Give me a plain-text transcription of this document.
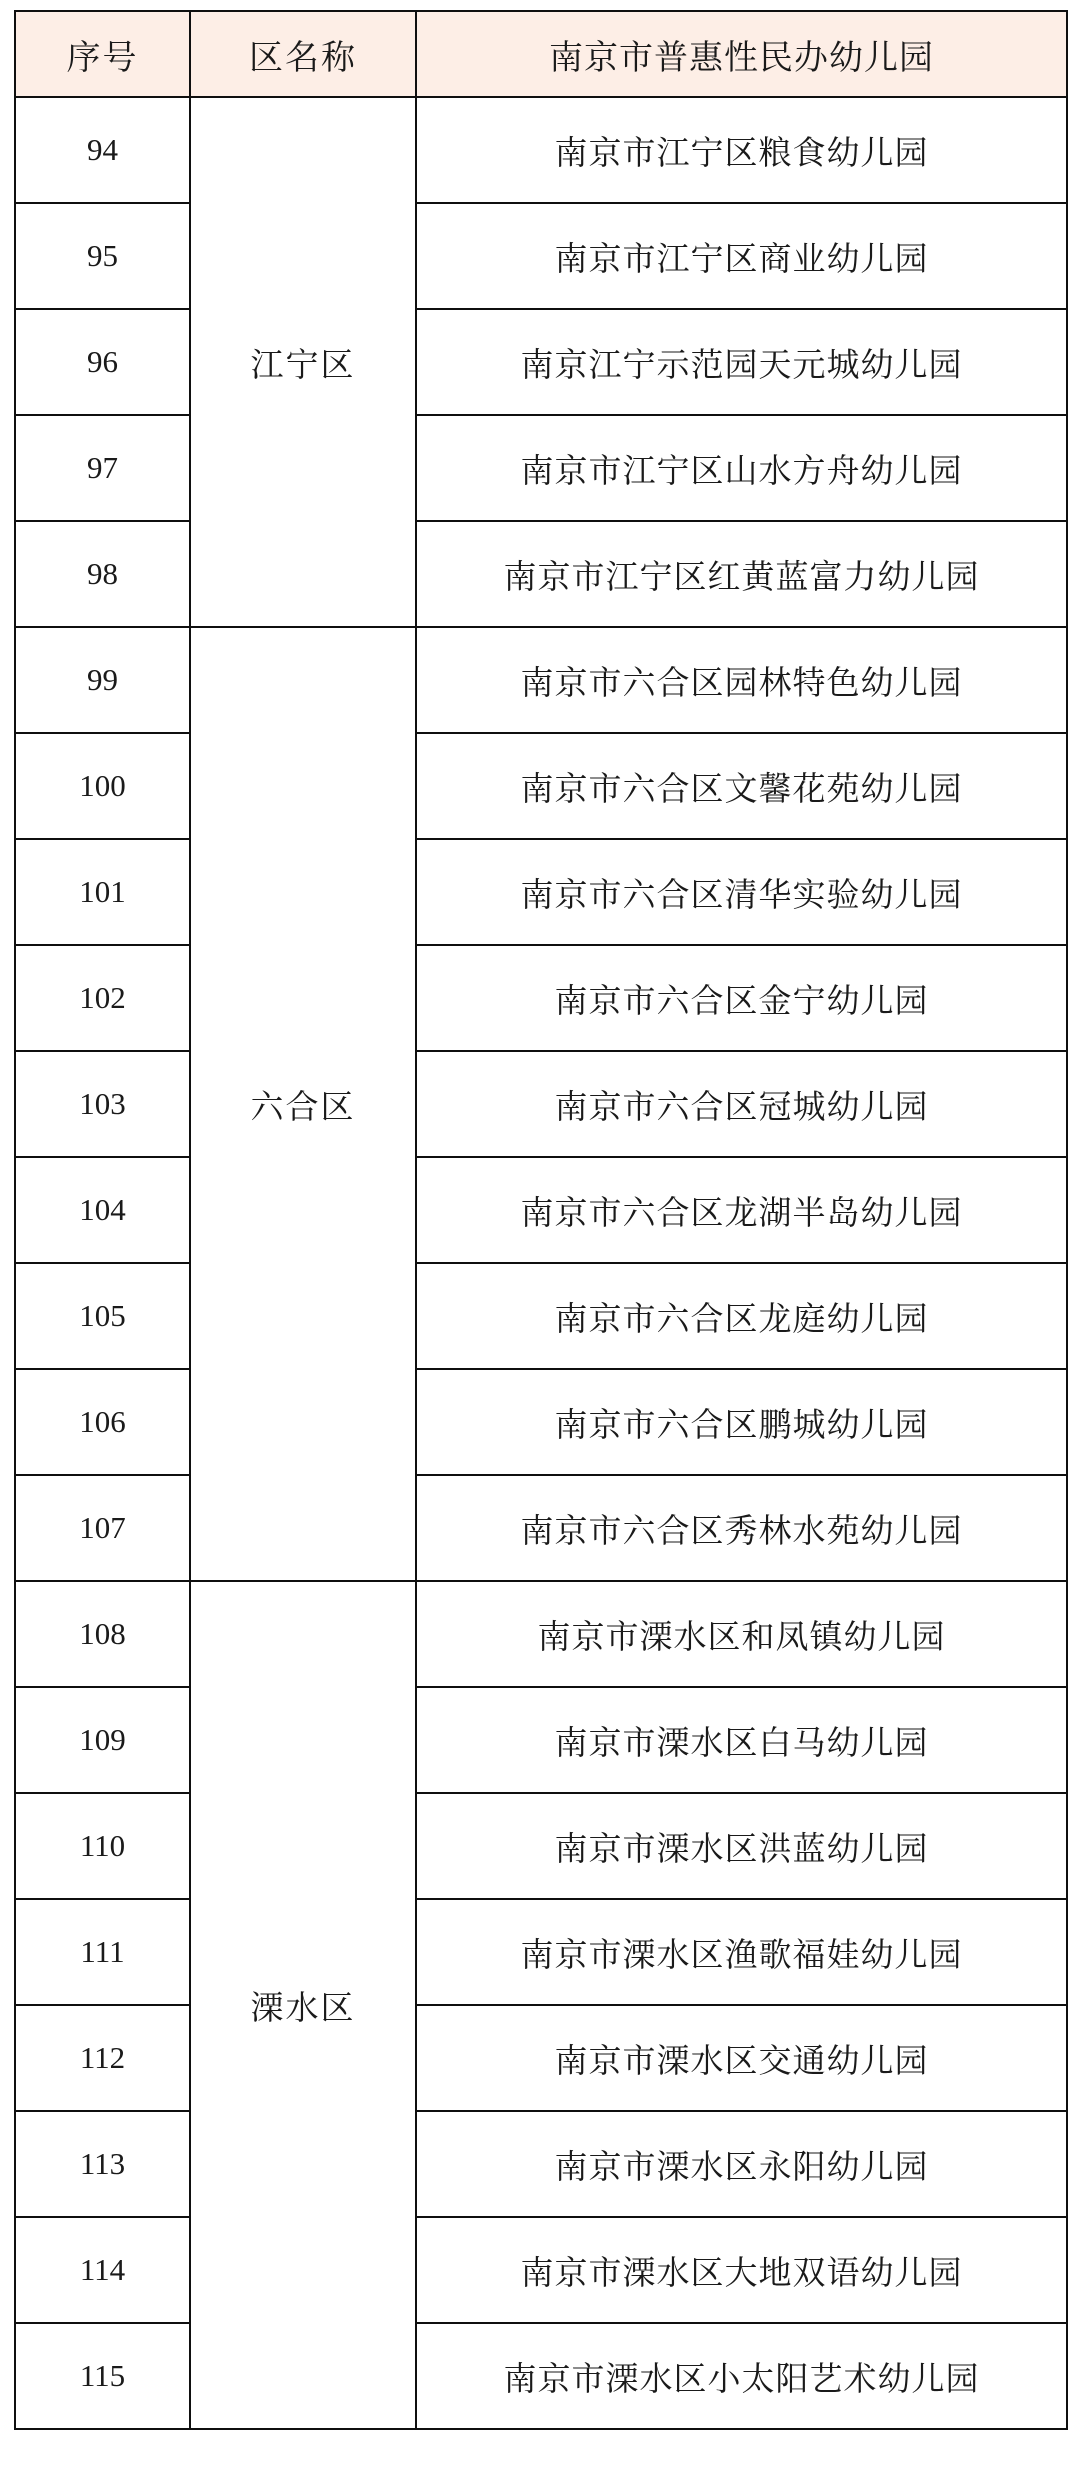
序号	区名称	南京市普惠性民办幼儿园
94	江宁区	南京市江宁区粮食幼儿园
95		南京市江宁区商业幼儿园
96		南京江宁示范园天元城幼儿园
97		南京市江宁区山水方舟幼儿园
98		南京市江宁区红黄蓝富力幼儿园
99	六合区	南京市六合区园林特色幼儿园
100		南京市六合区文馨花苑幼儿园
101		南京市六合区清华实验幼儿园
102		南京市六合区金宁幼儿园
103		南京市六合区冠城幼儿园
104		南京市六合区龙湖半岛幼儿园
105		南京市六合区龙庭幼儿园
106		南京市六合区鹏城幼儿园
107		南京市六合区秀林水苑幼儿园
108	溧水区	南京市溧水区和凤镇幼儿园
109		南京市溧水区白马幼儿园
110		南京市溧水区洪蓝幼儿园
111		南京市溧水区渔歌福娃幼儿园
112		南京市溧水区交通幼儿园
113		南京市溧水区永阳幼儿园
114		南京市溧水区大地双语幼儿园
115		南京市溧水区小太阳艺术幼儿园
